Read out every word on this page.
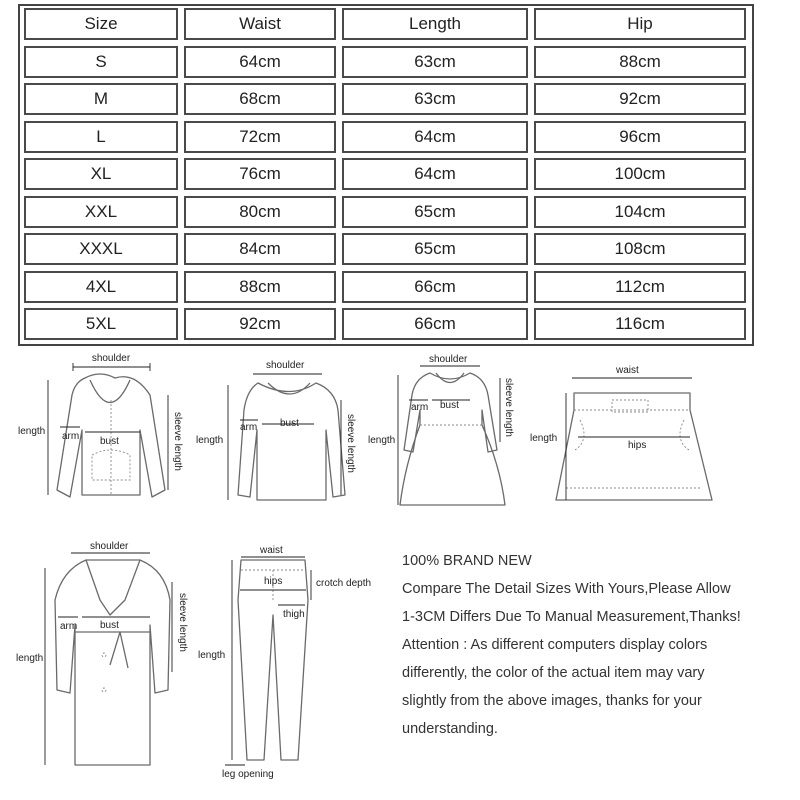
Size	Waist	Length	Hip
S	64cm	63cm	88cm
M	68cm	63cm	92cm
L	72cm	64cm	96cm
XL	76cm	64cm	100cm
XXL	80cm	65cm	104cm
XXXL	84cm	65cm	108cm
4XL	88cm	66cm	112cm
5XL	92cm	66cm	116cm
shoulder
length
bust
arm	sleeve length
shoulder
length
bust
arm	sleeve length
shoulder
length
bust
arm	sleeve length
waist
length
hips
shoulder
length
bust
arm	sleeve length
waist
hips	crotch depth
thigh
length
leg opening
100% BRAND NEW
Compare The Detail Sizes With Yours,Please Allow
1-3CM Differs Due To Manual Measurement,Thanks!
Attention : As different computers display colors
differently, the color of the actual item may vary
slightly from the above images, thanks for your
understanding.
